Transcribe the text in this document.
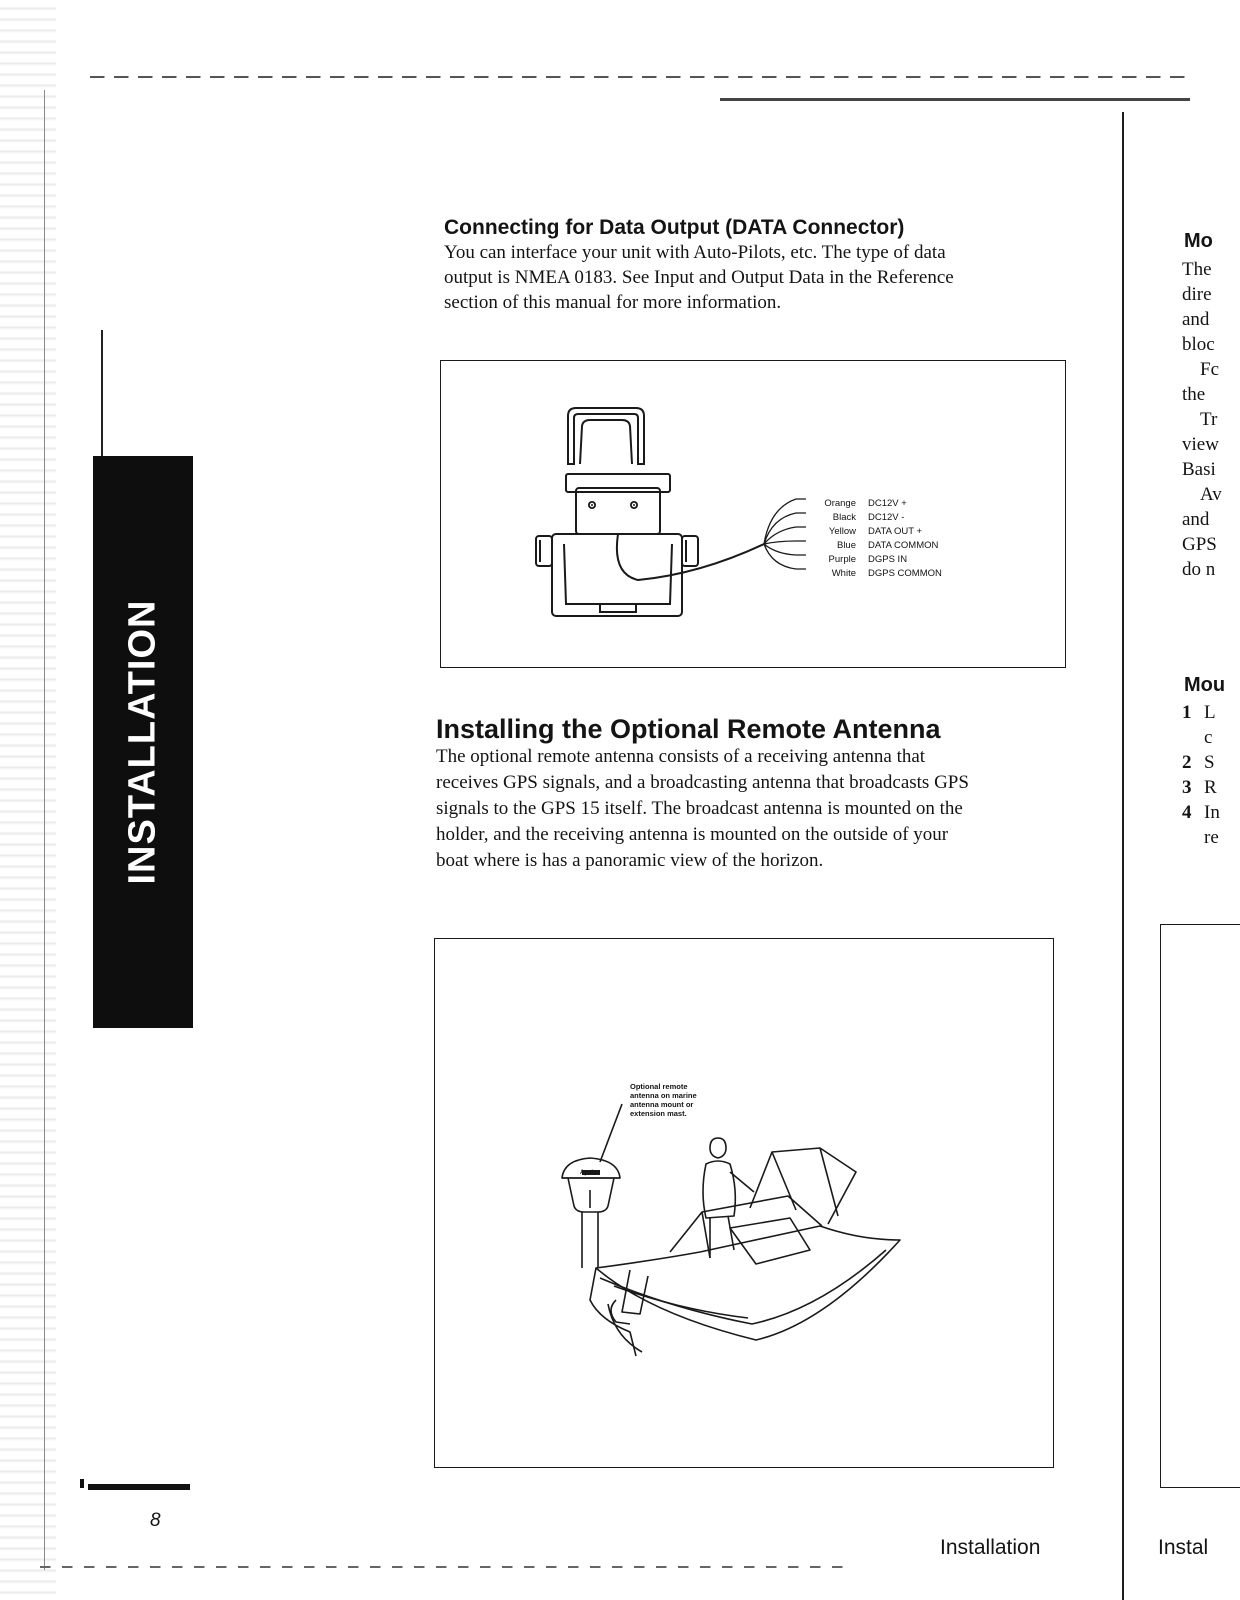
INSTALLATION
Connecting for Data Output (DATA Connector)
You can interface your unit with Auto-Pilots, etc. The type of data
output is NMEA 0183. See Input and Output Data in the Reference
section of this manual for more information.
Orange	DC12V +
Black	DC12V -
Yellow	DATA OUT +
Blue	DATA COMMON
Purple	DGPS IN
White	DGPS COMMON
Installing the Optional Remote Antenna
The optional remote antenna consists of a receiving antenna that
receives GPS signals, and a broadcasting antenna that broadcasts GPS
signals to the GPS 15 itself. The broadcast antenna is mounted on the
holder, and the receiving antenna is mounted on the outside of your
boat where is has a panoramic view of the horizon.
Optional remote
antenna on marine
antenna mount or
extension mast.
Apelco
8
Installation
Mo
The
dire
and
bloc
Fc
the
Tr
view
Basi
Av
and
GPS
do n
Mou
1 L
c
2 S
3 R
4 In
re
Instal
